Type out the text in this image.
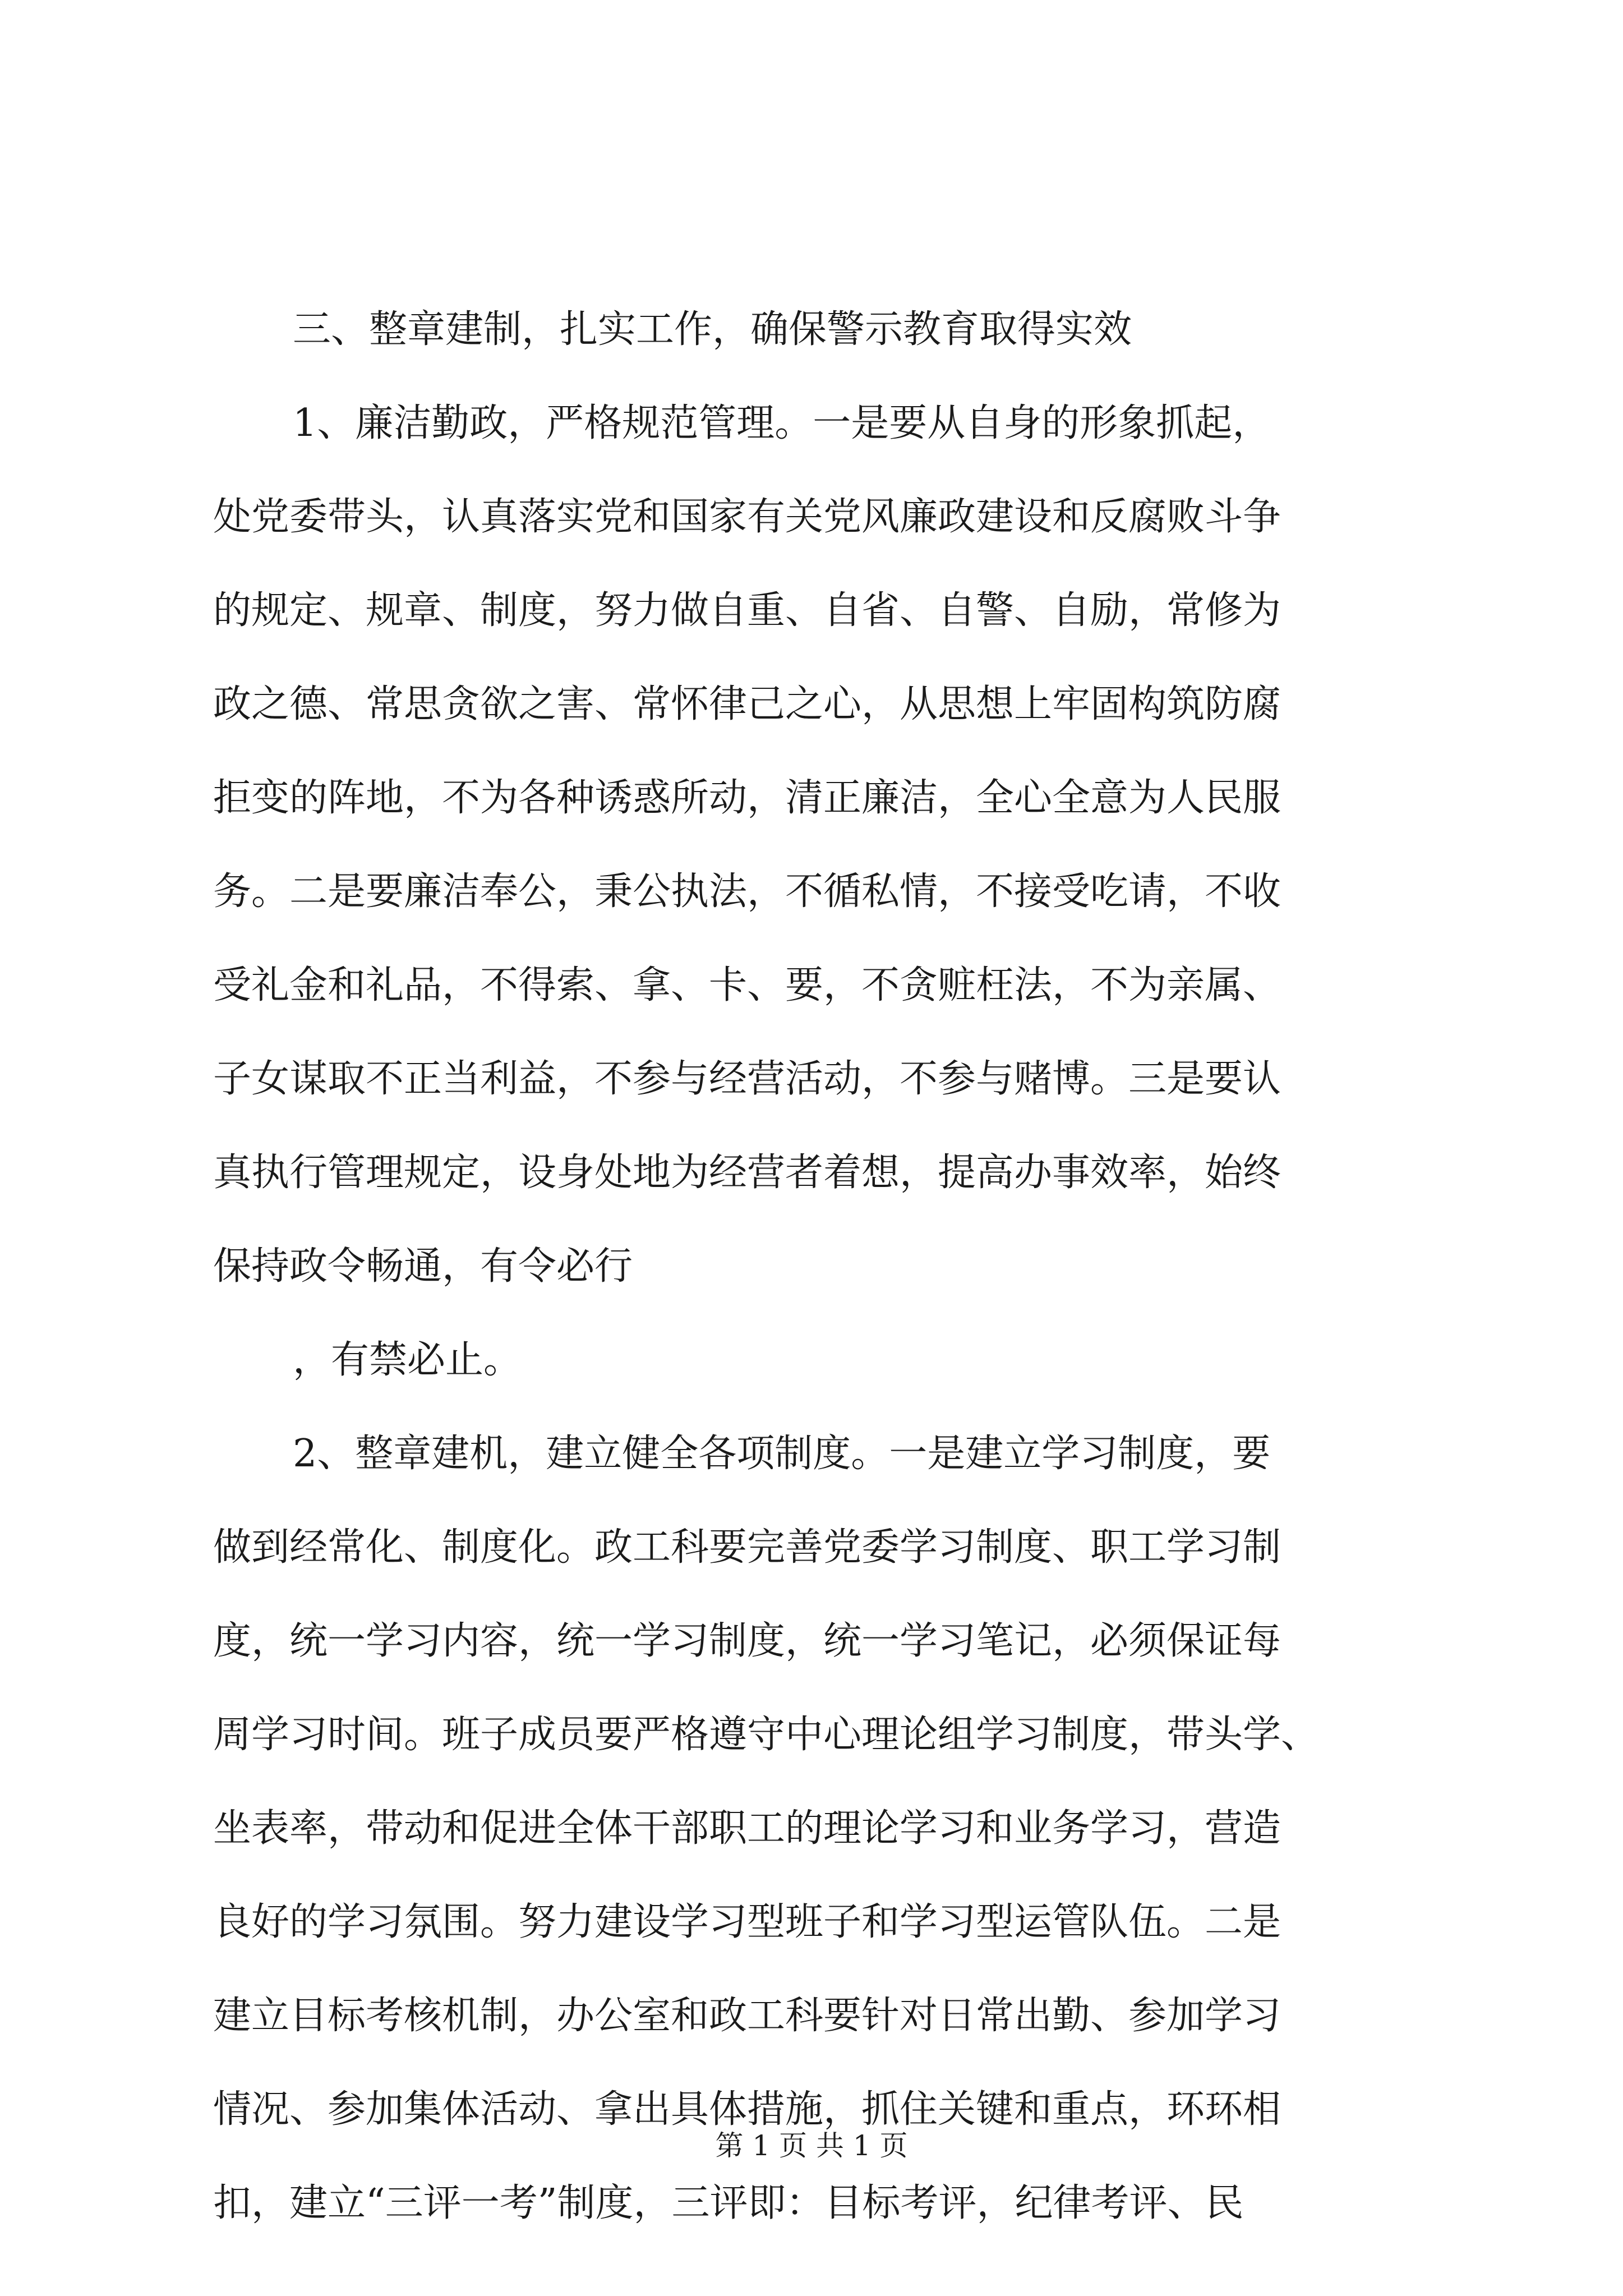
三、整章建制，扎实工作，确保警示教育取得实效
1、廉洁勤政，严格规范管理。一是要从自身的形象抓起，
处党委带头，认真落实党和国家有关党风廉政建设和反腐败斗争
的规定、规章、制度，努力做自重、自省、自警、自励，常修为
政之德、常思贪欲之害、常怀律己之心，从思想上牢固构筑防腐
拒变的阵地，不为各种诱惑所动，清正廉洁，全心全意为人民服
务。二是要廉洁奉公，秉公执法，不循私情，不接受吃请，不收
受礼金和礼品，不得索、拿、卡、要，不贪赃枉法，不为亲属、
子女谋取不正当利益，不参与经营活动，不参与赌博。三是要认
真执行管理规定，设身处地为经营者着想，提高办事效率，始终
保持政令畅通，有令必行
，有禁必止。
2、整章建机，建立健全各项制度。一是建立学习制度，要
做到经常化、制度化。政工科要完善党委学习制度、职工学习制
度，统一学习内容，统一学习制度，统一学习笔记，必须保证每
周学习时间。班子成员要严格遵守中心理论组学习制度，带头学、
坐表率，带动和促进全体干部职工的理论学习和业务学习，营造
良好的学习氛围。努力建设学习型班子和学习型运管队伍。二是
建立目标考核机制，办公室和政工科要针对日常出勤、参加学习
情况、参加集体活动、拿出具体措施，抓住关键和重点，环环相
扣，建立“三评一考”制度，三评即：目标考评，纪律考评、民
第 1 页 共 1 页
